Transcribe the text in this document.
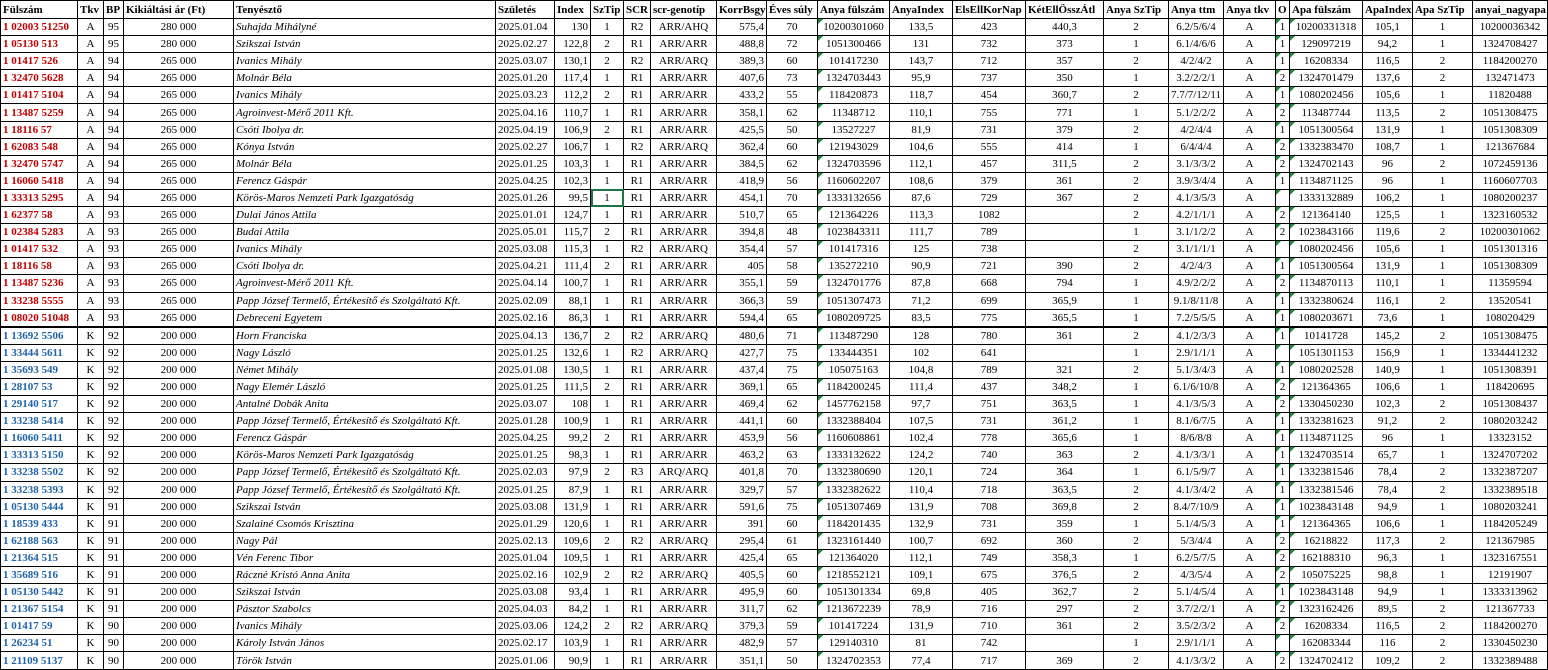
Fülszám	Tkv	BP	Kikiáltási ár (Ft)	Tenyésztő	Születés	Index	SzTip	SCR	scr-genotíp	KorrBsgy	Éves súly	Anya fülszám	AnyaIndex	ElsEllKorNap	KétEllÖsszÁtl	Anya SzTip	Anya ttm	Anya tkv	O	Apa fülszám	ApaIndex	Apa SzTip	anyai_nagyapa
1 02003 51250	A	95	280 000	Suhajda Mihályné	2025.01.04	130	1	R2	ARR/AHQ	575,4	70	10200301060	133,5	423	440,3	2	6.2/5/6/4	A	1	10200331318	105,1	1	10200036342
1 05130 513	A	95	280 000	Szikszai István	2025.02.27	122,8	2	R1	ARR/ARR	488,8	72	1051300466	131	732	373	1	6.1/4/6/6	A	1	129097219	94,2	1	1324708427
1 01417 526	A	94	265 000	Ivanics Mihály	2025.03.07	130,1	2	R2	ARR/ARQ	389,3	60	101417230	143,7	712	357	2	4/2/4/2	A	1	16208334	116,5	2	1184200270
1 32470 5628	A	94	265 000	Molnár Béla	2025.01.20	117,4	1	R1	ARR/ARR	407,6	73	1324703443	95,9	737	350	1	3.2/2/2/1	A	2	1324701479	137,6	2	132471473
1 01417 5104	A	94	265 000	Ivanics Mihály	2025.03.23	112,2	2	R1	ARR/ARR	433,2	55	118420873	118,7	454	360,7	2	7.7/7/12/11	A	1	1080202456	105,6	1	11820488
1 13487 5259	A	94	265 000	Agroinvest-Mérő 2011 Kft.	2025.04.16	110,7	1	R1	ARR/ARR	358,1	62	11348712	110,1	755	771	1	5.1/2/2/2	A	2	113487744	113,5	2	1051308475
1 18116 57	A	94	265 000	Csóti Ibolya dr.	2025.04.19	106,9	2	R1	ARR/ARR	425,5	50	13527227	81,9	731	379	2	4/2/4/4	A	1	1051300564	131,9	1	1051308309
1 62083 548	A	94	265 000	Kónya István	2025.02.27	106,7	1	R2	ARR/ARQ	362,4	60	121943029	104,6	555	414	1	6/4/4/4	A	2	1332383470	108,7	1	121367684
1 32470 5747	A	94	265 000	Molnár Béla	2025.01.25	103,3	1	R1	ARR/ARR	384,5	62	1324703596	112,1	457	311,5	2	3.1/3/3/2	A	2	1324702143	96	2	1072459136
1 16060 5418	A	94	265 000	Ferencz Gáspár	2025.04.25	102,3	1	R1	ARR/ARR	418,9	56	1160602207	108,6	379	361	2	3.9/3/4/4	A	1	1134871125	96	1	1160607703
1 33313 5295	A	94	265 000	Körös-Maros Nemzeti Park Igazgatóság	2025.01.26	99,5	1	R1	ARR/ARR	454,1	70	1333132656	87,6	729	367	2	4.1/3/5/3	A		1333132889	106,2	1	1080200237
1 62377 58	A	93	265 000	Dulai János Attila	2025.01.01	124,7	1	R1	ARR/ARR	510,7	65	121364226	113,3	1082		2	4.2/1/1/1	A	2	121364140	125,5	1	1323160532
1 02384 5283	A	93	265 000	Budai Attila	2025.05.01	115,7	2	R1	ARR/ARR	394,8	48	1023843311	111,7	789		1	3.1/1/2/2	A	2	1023843166	119,6	2	10200301062
1 01417 532	A	93	265 000	Ivanics Mihály	2025.03.08	115,3	1	R2	ARR/ARQ	354,4	57	101417316	125	738		2	3.1/1/1/1	A		1080202456	105,6	1	1051301316
1 18116 58	A	93	265 000	Csóti Ibolya dr.	2025.04.21	111,4	2	R1	ARR/ARR	405	58	135272210	90,9	721	390	2	4/2/4/3	A	1	1051300564	131,9	1	1051308309
1 13487 5236	A	93	265 000	Agroinvest-Mérő 2011 Kft.	2025.04.14	100,7	1	R1	ARR/ARR	355,1	59	1324701776	87,8	668	794	1	4.9/2/2/2	A	2	1134870113	110,1	1	11359594
1 33238 5555	A	93	265 000	Papp József Termelő, Értékesítő és Szolgáltató Kft.	2025.02.09	88,1	1	R1	ARR/ARR	366,3	59	1051307473	71,2	699	365,9	1	9.1/8/11/8	A	1	1332380624	116,1	2	13520541
1 08020 51048	A	93	265 000	Debreceni Egyetem	2025.02.16	86,3	1	R1	ARR/ARR	594,4	65	1080209725	83,5	775	365,5	1	7.2/5/5/5	A	1	1080203671	73,6	1	108020429
1 13692 5506	K	92	200 000	Horn Franciska	2025.04.13	136,7	2	R2	ARR/ARQ	480,6	71	113487290	128	780	361	2	4.1/2/3/3	A	1	10141728	145,2	2	1051308475
1 33444 5611	K	92	200 000	Nagy László	2025.01.25	132,6	1	R2	ARR/ARQ	427,7	75	133444351	102	641		1	2.9/1/1/1	A		1051301153	156,9	1	1334441232
1 35693 549	K	92	200 000	Német Mihály	2025.01.08	130,5	1	R1	ARR/ARR	437,4	75	105075163	104,8	789	321	2	5.1/3/4/3	A	1	1080202528	140,9	1	1051308391
1 28107 53	K	92	200 000	Nagy Elemér László	2025.01.25	111,5	2	R1	ARR/ARR	369,1	65	1184200245	111,4	437	348,2	1	6.1/6/10/8	A	2	121364365	106,6	1	118420695
1 29140 517	K	92	200 000	Antalné Dobák Anita	2025.03.07	108	1	R1	ARR/ARR	469,4	62	1457762158	97,7	751	363,5	1	4.1/3/5/3	A	2	1330450230	102,3	2	1051308437
1 33238 5414	K	92	200 000	Papp József Termelő, Értékesítő és Szolgáltató Kft.	2025.01.28	100,9	1	R1	ARR/ARR	441,1	60	1332388404	107,5	731	361,2	1	8.1/6/7/5	A	1	1332381623	91,2	2	1080203242
1 16060 5411	K	92	200 000	Ferencz Gáspár	2025.04.25	99,2	2	R1	ARR/ARR	453,9	56	1160608861	102,4	778	365,6	1	8/6/8/8	A	1	1134871125	96	1	13323152
1 33313 5150	K	92	200 000	Körös-Maros Nemzeti Park Igazgatóság	2025.01.25	98,3	1	R1	ARR/ARR	463,2	63	1333132622	124,2	740	363	2	4.1/3/3/1	A	1	1324703514	65,7	1	1324707202
1 33238 5502	K	92	200 000	Papp József Termelő, Értékesítő és Szolgáltató Kft.	2025.02.03	97,9	2	R3	ARQ/ARQ	401,8	70	1332380690	120,1	724	364	1	6.1/5/9/7	A	1	1332381546	78,4	2	1332387207
1 33238 5393	K	92	200 000	Papp József Termelő, Értékesítő és Szolgáltató Kft.	2025.01.25	87,9	1	R1	ARR/ARR	329,7	57	1332382622	110,4	718	363,5	2	4.1/3/4/2	A	1	1332381546	78,4	2	1332389518
1 05130 5444	K	91	200 000	Szikszai István	2025.03.08	131,9	1	R1	ARR/ARR	591,6	75	1051307469	131,9	708	369,8	2	8.4/7/10/9	A	1	1023843148	94,9	1	1080203241
1 18539 433	K	91	200 000	Szalainé Csomós Krisztina	2025.01.29	120,6	1	R1	ARR/ARR	391	60	1184201435	132,9	731	359	1	5.1/4/5/3	A	1	121364365	106,6	1	1184205249
1 62188 563	K	91	200 000	Nagy Pál	2025.02.13	109,6	2	R2	ARR/ARQ	295,4	61	1323161440	100,7	692	360	2	5/3/4/4	A	2	16218822	117,3	2	121367985
1 21364 515	K	91	200 000	Vén Ferenc Tibor	2025.01.04	109,5	1	R1	ARR/ARR	425,4	65	121364020	112,1	749	358,3	1	6.2/5/7/5	A	2	162188310	96,3	1	1323167551
1 35689 516	K	91	200 000	Rácznė Kristó Anna Anita	2025.02.16	102,9	2	R2	ARR/ARQ	405,5	60	1218552121	109,1	675	376,5	2	4/3/5/4	A	2	105075225	98,8	1	12191907
1 05130 5442	K	91	200 000	Szikszai István	2025.03.08	93,4	1	R1	ARR/ARR	495,9	60	1051301334	69,8	405	362,7	2	5.1/4/5/4	A	1	1023843148	94,9	1	1333313962
1 21367 5154	K	91	200 000	Pásztor Szabolcs	2025.04.03	84,2	1	R1	ARR/ARR	311,7	62	1213672239	78,9	716	297	2	3.7/2/2/1	A	2	1323162426	89,5	2	121367733
1 01417 59	K	90	200 000	Ivanics Mihály	2025.03.06	124,2	2	R2	ARR/ARQ	379,3	59	101417224	131,9	710	361	2	3.5/2/3/2	A	2	16208334	116,5	2	1184200270
1 26234 51	K	90	200 000	Károly István János	2025.02.17	103,9	1	R1	ARR/ARR	482,9	57	129140310	81	742		1	2.9/1/1/1	A		162083344	116	2	1330450230
1 21109 5137	K	90	200 000	Török István	2025.01.06	90,9	1	R1	ARR/ARR	351,1	50	1324702353	77,4	717	369	2	4.1/3/3/2	A	2	1324702412	109,2	2	1332389488
